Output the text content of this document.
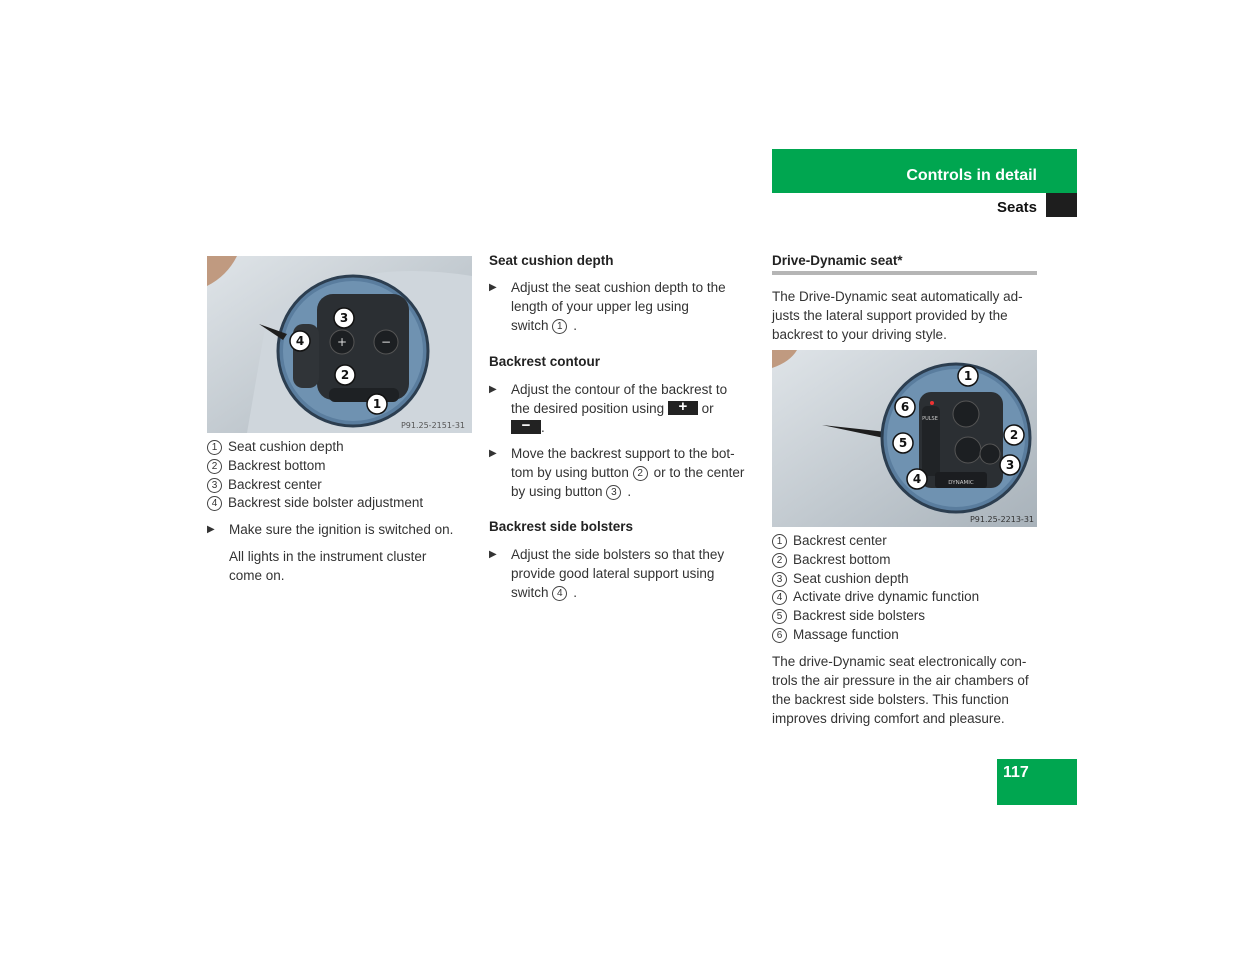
Controls in detail
Seats
+	−
3
4
2
1
P91.25-2151-31
1 Seat cushion depth
2 Backrest bottom
3 Backrest center
4 Backrest side bolster adjustment
▶ Make sure the ignition is switched on.
All lights in the instrument cluster
come on.
Seat cushion depth
▶ Adjust the seat cushion depth to the
length of your upper leg using
switch 1 .
Backrest contour
▶ Adjust the contour of the backrest to
the desired position using +	or
− .
▶ Move the backrest support to the bot-
tom by using button 2 or to the center
by using button 3 .
Backrest side bolsters
▶ Adjust the side bolsters so that they
provide good lateral support using
switch 4 .
Drive-Dynamic seat*
The Drive-Dynamic seat automatically ad-
justs the lateral support provided by the
backrest to your driving style.
PULSE
DYNAMIC
1
6
2
5
3
4
P91.25-2213-31
1 Backrest center
2 Backrest bottom
3 Seat cushion depth
4 Activate drive dynamic function
5 Backrest side bolsters
6 Massage function
The drive-Dynamic seat electronically con-
trols the air pressure in the air chambers of
the backrest side bolsters. This function
improves driving comfort and pleasure.
117
